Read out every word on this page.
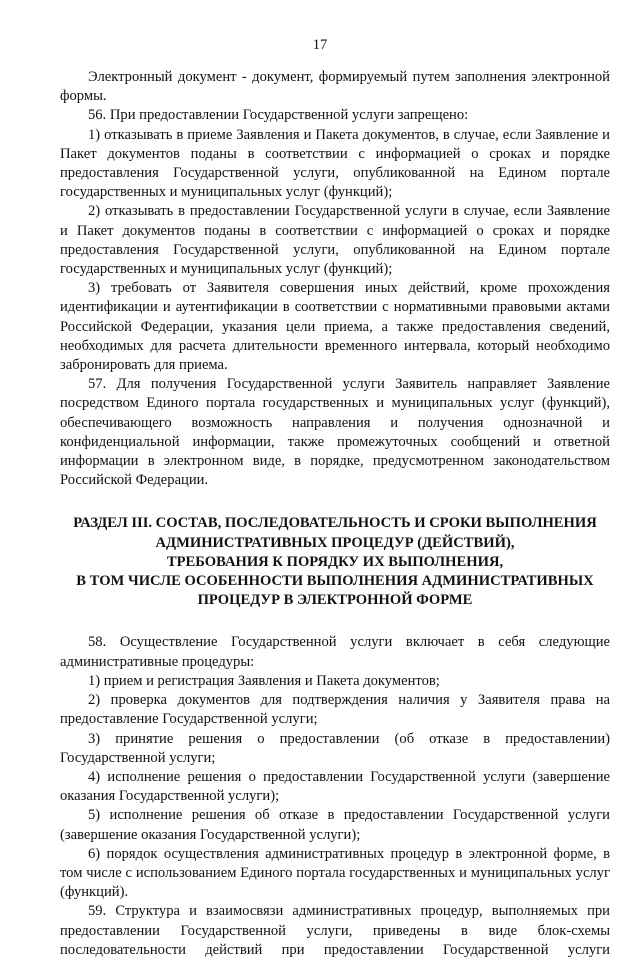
17

Электронный документ - документ, формируемый путем заполнения электронной формы.

56. При предоставлении Государственной услуги запрещено:

1) отказывать в приеме Заявления и Пакета документов, в случае, если Заявление и Пакет документов поданы в соответствии с информацией о сроках и порядке предоставления Государственной услуги, опубликованной на Едином портале государственных и муниципальных услуг (функций);

2) отказывать в предоставлении Государственной услуги в случае, если Заявление и Пакет документов поданы в соответствии с информацией о сроках и порядке предоставления Государственной услуги, опубликованной на Едином портале государственных и муниципальных услуг (функций);

3) требовать от Заявителя совершения иных действий, кроме прохождения идентификации и аутентификации в соответствии с нормативными правовыми актами Российской Федерации, указания цели приема, а также предоставления сведений, необходимых для расчета длительности временного интервала, который необходимо забронировать для приема.

57. Для получения Государственной услуги Заявитель направляет Заявление посредством Единого портала государственных и муниципальных услуг (функций), обеспечивающего возможность направления и получения однозначной и конфиденциальной информации, также промежуточных сообщений и ответной информации в электронном виде, в порядке, предусмотренном законодательством Российской Федерации.

РАЗДЕЛ III. СОСТАВ, ПОСЛЕДОВАТЕЛЬНОСТЬ И СРОКИ ВЫПОЛНЕНИЯ
АДМИНИСТРАТИВНЫХ ПРОЦЕДУР (ДЕЙСТВИЙ),
ТРЕБОВАНИЯ К ПОРЯДКУ ИХ ВЫПОЛНЕНИЯ,
В ТОМ ЧИСЛЕ ОСОБЕННОСТИ ВЫПОЛНЕНИЯ АДМИНИСТРАТИВНЫХ
ПРОЦЕДУР В ЭЛЕКТРОННОЙ ФОРМЕ

58. Осуществление Государственной услуги включает в себя следующие административные процедуры:

1) прием и регистрация Заявления и Пакета документов;

2) проверка документов для подтверждения наличия у Заявителя права на предоставление Государственной услуги;

3) принятие решения о предоставлении (об отказе в предоставлении) Государственной услуги;

4) исполнение решения о предоставлении Государственной услуги (завершение оказания Государственной услуги);

5) исполнение решения об отказе в предоставлении Государственной услуги (завершение оказания Государственной услуги);

6) порядок осуществления административных процедур в электронной форме, в том числе с использованием Единого портала государственных и муниципальных услуг (функций).

59. Структура и взаимосвязи административных процедур, выполняемых при предоставлении Государственной услуги, приведены в виде блок-схемы последовательности действий при предоставлении Государственной услуги
